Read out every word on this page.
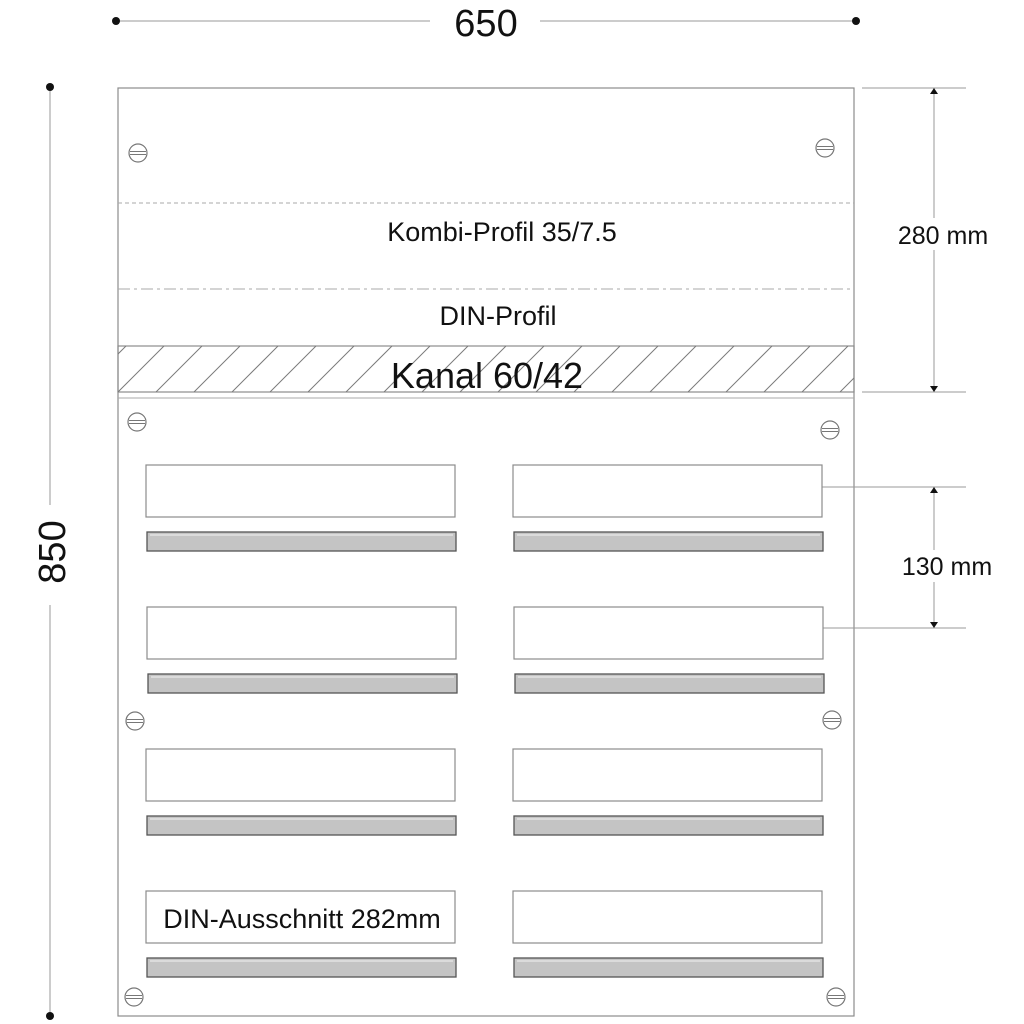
650
850
Kombi-Profil 35/7.5
DIN-Profil
Kanal 60/42
280 mm
130 mm
DIN-Ausschnitt 282mm
